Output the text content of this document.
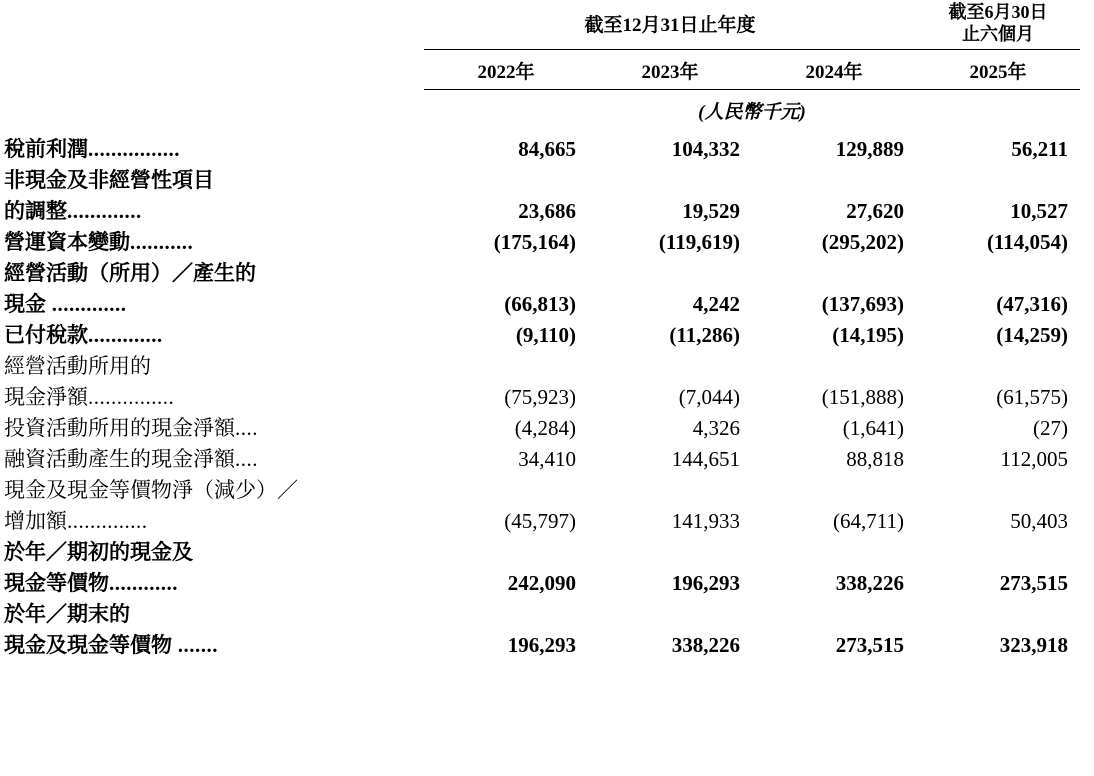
	截至12月31日止年度			截至6月30日
止六個月

	2022年	2023年	2024年	2025年
	(人民幣千元)			
稅前利潤................	84,665	104,332	129,889	56,211
非現金及非經營性項目				
的調整.............	23,686	19,529	27,620	10,527
營運資本變動...........	(175,164)	(119,619)	(295,202)	(114,054)
經營活動（所用）／產生的				
現金 .............	(66,813)	4,242	(137,693)	(47,316)
已付稅款.............	(9,110)	(11,286)	(14,195)	(14,259)
經營活動所用的				
現金淨額...............	(75,923)	(7,044)	(151,888)	(61,575)
投資活動所用的現金淨額....	(4,284)	4,326	(1,641)	(27)
融資活動產生的現金淨額....	34,410	144,651	88,818	112,005
現金及現金等價物淨（減少）／				
增加額..............	(45,797)	141,933	(64,711)	50,403
於年／期初的現金及				
現金等價物............	242,090	196,293	338,226	273,515
於年／期末的				
現金及現金等價物 .......	196,293	338,226	273,515	323,918
